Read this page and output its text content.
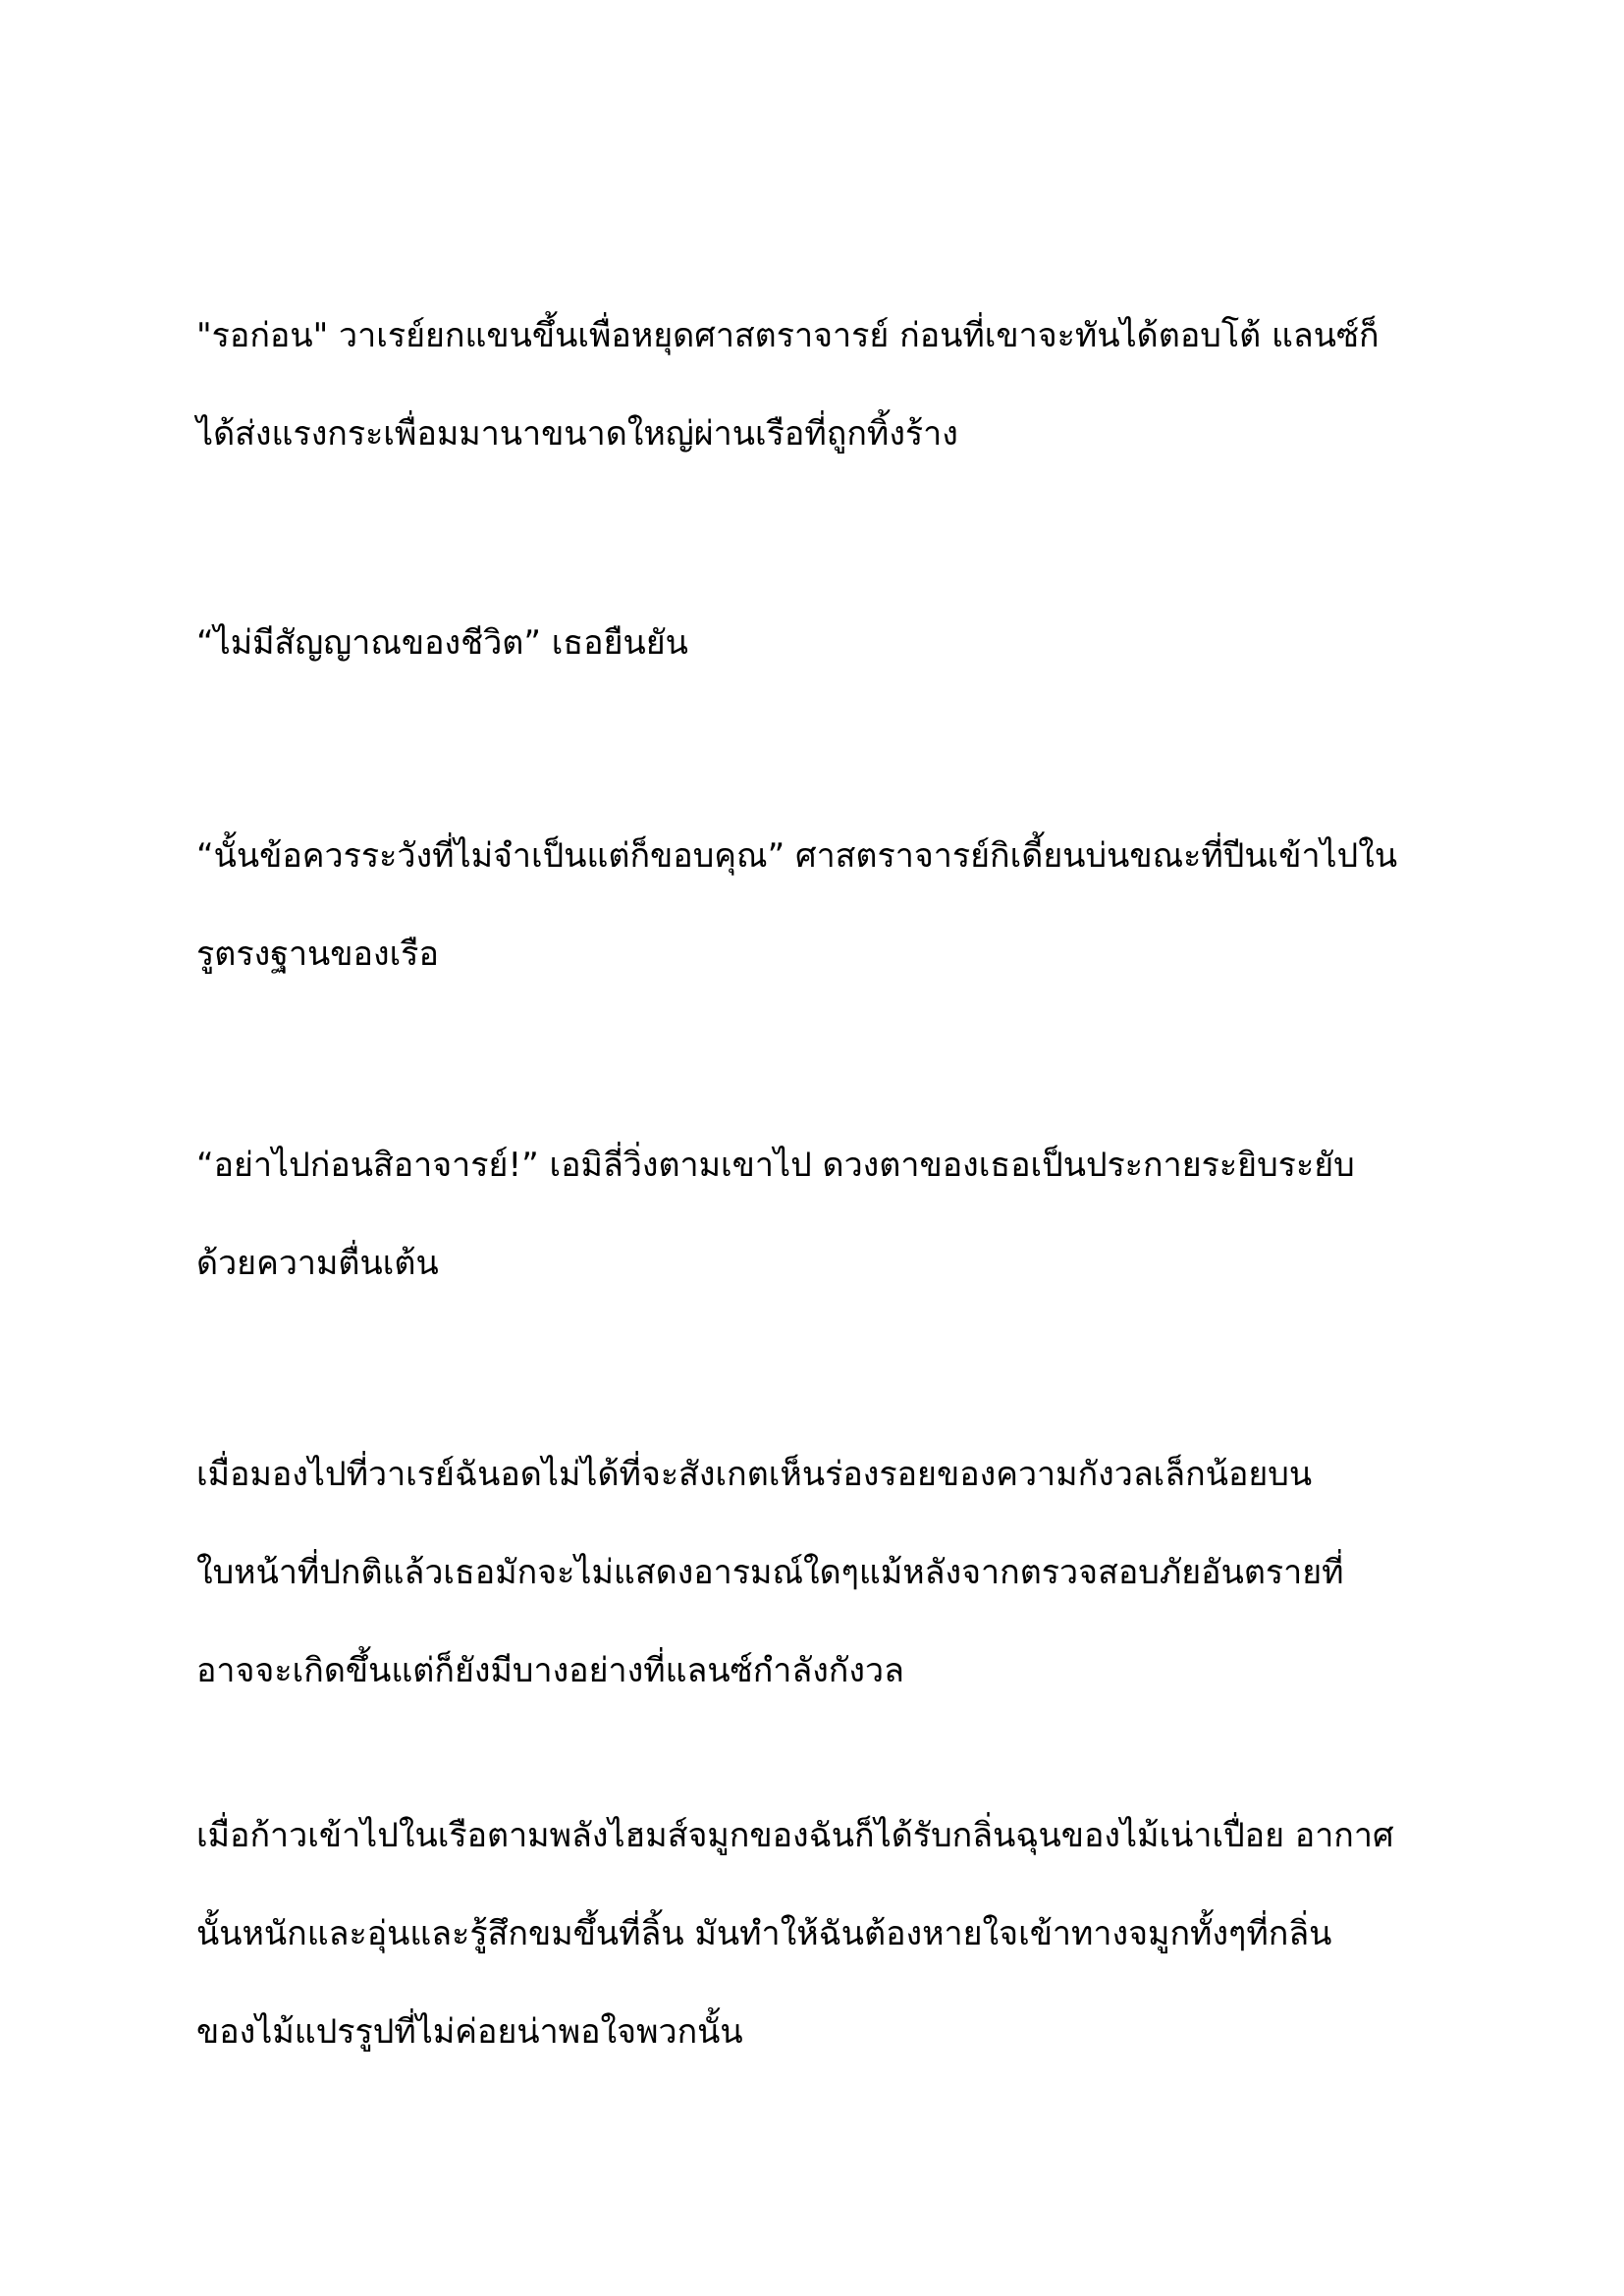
"รอก่อน" วาเรย์ยกแขนขึ้นเพื่อหยุดศาสตราจารย์ ก่อนที่เขาจะทันได้ตอบโต้ แลนซ์ก็
ได้ส่งแรงกระเพื่อมมานาขนาดใหญ่ผ่านเรือที่ถูกทิ้งร้าง

“ไม่มีสัญญาณของชีวิต” เธอยืนยัน

“นั้นข้อควรระวังที่ไม่จำเป็นแต่ก็ขอบคุณ” ศาสตราจารย์กิเดี้ยนบ่นขณะที่ปีนเข้าไปใน
รูตรงฐานของเรือ

“อย่าไปก่อนสิอาจารย์!” เอมิลี่วิ่งตามเขาไป ดวงตาของเธอเป็นประกายระยิบระยับ
ด้วยความตื่นเต้น

เมื่อมองไปที่วาเรย์ฉันอดไม่ได้ที่จะสังเกตเห็นร่องรอยของความกังวลเล็กน้อยบน
ใบหน้าที่ปกติแล้วเธอมักจะไม่แสดงอารมณ์ใดๆแม้หลังจากตรวจสอบภัยอันตรายที่
อาจจะเกิดขึ้นแต่ก็ยังมีบางอย่างที่แลนซ์กำลังกังวล

เมื่อก้าวเข้าไปในเรือตามพลังไฮมส์จมูกของฉันก็ได้รับกลิ่นฉุนของไม้เน่าเปื่อย อากาศ
นั้นหนักและอุ่นและรู้สึกขมขึ้นที่ลิ้น มันทำให้ฉันต้องหายใจเข้าทางจมูกทั้งๆที่กลิ่น
ของไม้แปรรูปที่ไม่ค่อยน่าพอใจพวกนั้น
